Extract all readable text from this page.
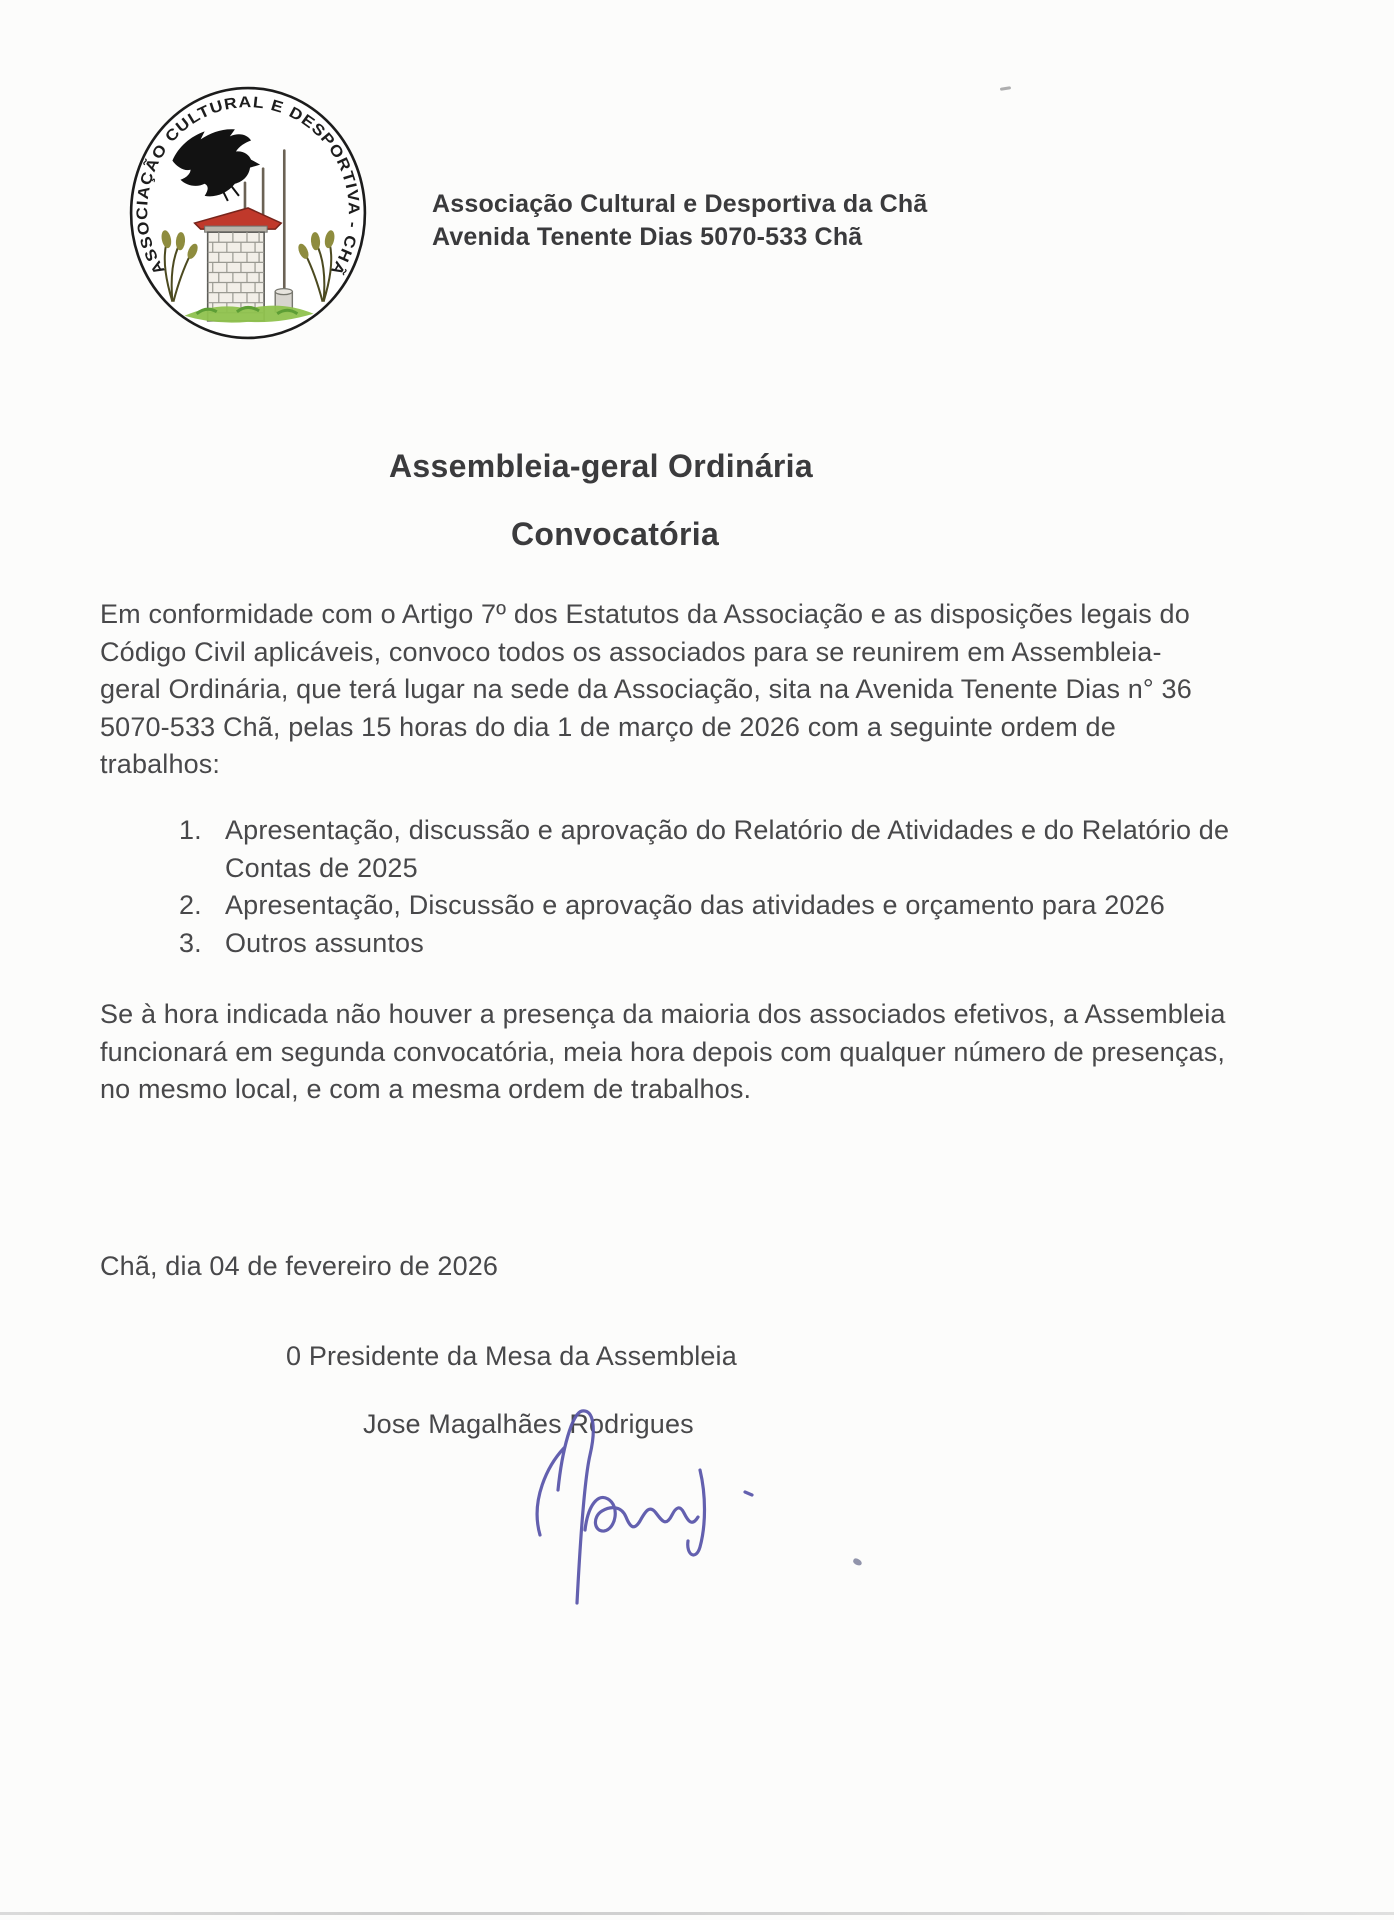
ASSOCIAÇÃO CULTURAL E DESPORTIVA - CHÃ
Associação Cultural e Desportiva da Chã
Avenida Tenente Dias 5070-533 Chã
Assembleia-geral Ordinária
Convocatória
Em conformidade com o Artigo 7º dos Estatutos da Associação e as disposições legais do
Código Civil aplicáveis, convoco todos os associados para se reunirem em Assembleia-
geral Ordinária, que terá lugar na sede da Associação, sita na Avenida Tenente Dias n° 36
5070-533 Chã, pelas 15 horas do dia 1 de março de 2026 com a seguinte ordem de
trabalhos:
1. Apresentação, discussão e aprovação do Relatório de Atividades e do Relatório de Contas de 2025
2. Apresentação, Discussão e aprovação das atividades e orçamento para 2026
3. Outros assuntos
Se à hora indicada não houver a presença da maioria dos associados efetivos, a Assembleia
funcionará em segunda convocatória, meia hora depois com qualquer número de presenças,
no mesmo local, e com a mesma ordem de trabalhos.
Chã, dia 04 de fevereiro de 2026
0 Presidente da Mesa da Assembleia
Jose Magalhães Rodrigues
